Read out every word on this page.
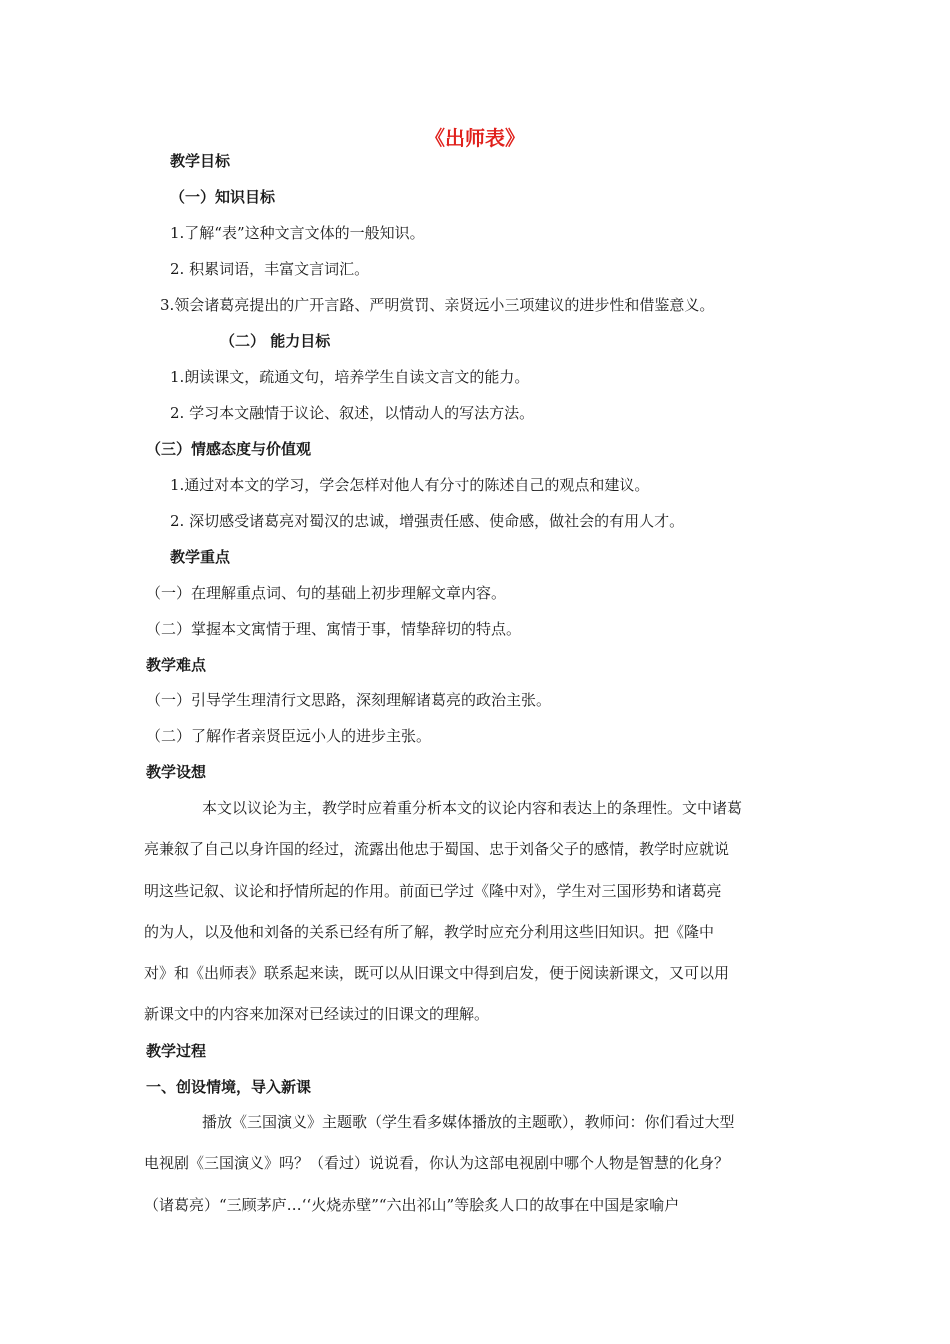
《出师表》
教学目标
（一）知识目标
1.了解“表”这种文言文体的一般知识。
2. 积累词语，丰富文言词汇。
3.领会诸葛亮提出的广开言路、严明赏罚、亲贤远小三项建议的进步性和借鉴意义。
（二） 能力目标
1.朗读课文，疏通文句，培养学生自读文言文的能力。
2. 学习本文融情于议论、叙述，以情动人的写法方法。
（三）情感态度与价值观
1.通过对本文的学习，学会怎样对他人有分寸的陈述自己的观点和建议。
2. 深切感受诸葛亮对蜀汉的忠诚，增强责任感、使命感，做社会的有用人才。
教学重点
（一）在理解重点词、句的基础上初步理解文章内容。
（二）掌握本文寓情于理、寓情于事，情挚辞切的特点。
教学难点
（一）引导学生理清行文思路，深刻理解诸葛亮的政治主张。
（二）了解作者亲贤臣远小人的进步主张。
教学设想
本文以议论为主，教学时应着重分析本文的议论内容和表达上的条理性。文中诸葛
亮兼叙了自己以身许国的经过，流露出他忠于蜀国、忠于刘备父子的感情，教学时应就说
明这些记叙、议论和抒情所起的作用。前面已学过《隆中对》，学生对三国形势和诸葛亮
的为人，以及他和刘备的关系已经有所了解，教学时应充分利用这些旧知识。把《隆中
对》和《出师表》联系起来读，既可以从旧课文中得到启发，便于阅读新课文，又可以用
新课文中的内容来加深对已经读过的旧课文的理解。
教学过程
一、创设情境，导入新课
播放《三国演义》主题歌（学生看多媒体播放的主题歌），教师问：你们看过大型
电视剧《三国演义》吗？（看过）说说看，你认为这部电视剧中哪个人物是智慧的化身？
（诸葛亮）“三顾茅庐…‘‘火烧赤壁”“六出祁山”等脍炙人口的故事在中国是家喻户
